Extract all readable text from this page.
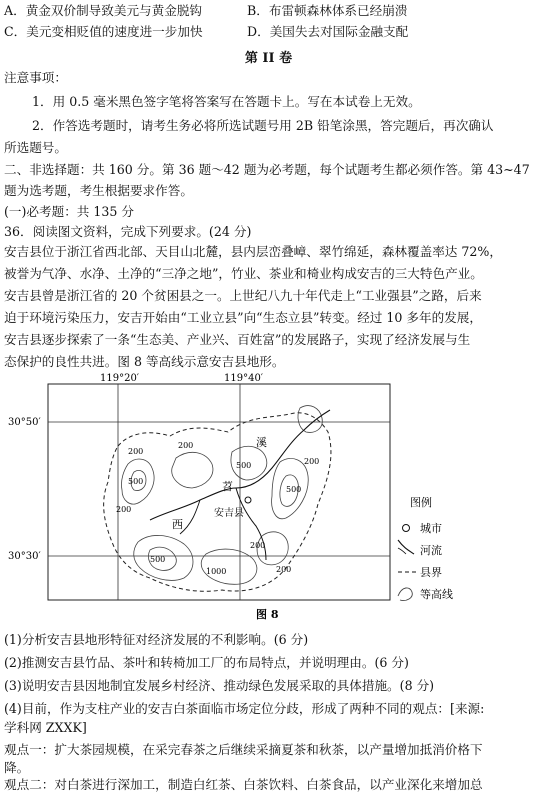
A．黄金双价制导致美元与黄金脱钩	B．布雷顿森林体系已经崩溃
C．美元变相贬值的速度进一步加快	D．美国失去对国际金融支配
第 II 卷
注意事项：
1．用 0.5 毫米黑色签字笔将答案写在答题卡上。写在本试卷上无效。
2．作答选考题时，请考生务必将所选试题号用 2B 铅笔涂黑，答完题后，再次确认
所选题号。
二、非选择题：共 160 分。第 36 题～42 题为必考题，每个试题考生都必须作答。第 43~47
题为选考题，考生根据要求作答。
(一)必考题：共 135 分
36．阅读图文资料，完成下列要求。(24 分)
安吉县位于浙江省西北部、天目山北麓，县内层峦叠嶂、翠竹绵延，森林覆盖率达 72%，
被誉为气净、水净、土净的“三净之地”，竹业、茶业和椅业构成安吉的三大特色产业。
安吉县曾是浙江省的 20 个贫困县之一。上世纪八九十年代走上“工业强县”之路，后来
迫于环境污染压力，安吉开始由“工业立县”向“生态立县”转变。经过 10 多年的发展，
安吉县逐步探索了一条“生态美、产业兴、百姓富”的发展路子，实现了经济发展与生
态保护的良性共进。图 8 等高线示意安吉县地形。
119°20′	119°40′
30°50′
30°30′
安吉县
溪
苕
西
200
200
200
500
500
1000
200
500
200
200
500
图例
城市
河流
县界
等高线
图 8
(1)分析安吉县地形特征对经济发展的不利影响。(6 分)
(2)推测安吉县竹品、茶叶和转椅加工厂的布局特点，并说明理由。(6 分)
(3)说明安吉县因地制宜发展乡村经济、推动绿色发展采取的具体措施。(8 分)
(4)目前，作为支柱产业的安吉白茶面临市场定位分歧，形成了两种不同的观点：[来源:
学科网 ZXXK]
观点一：扩大茶园规模，在采完春茶之后继续采摘夏茶和秋茶，以产量增加抵消价格下
降。
观点二：对白茶进行深加工，制造白红茶、白茶饮料、白茶食品，以产业深化来增加总
